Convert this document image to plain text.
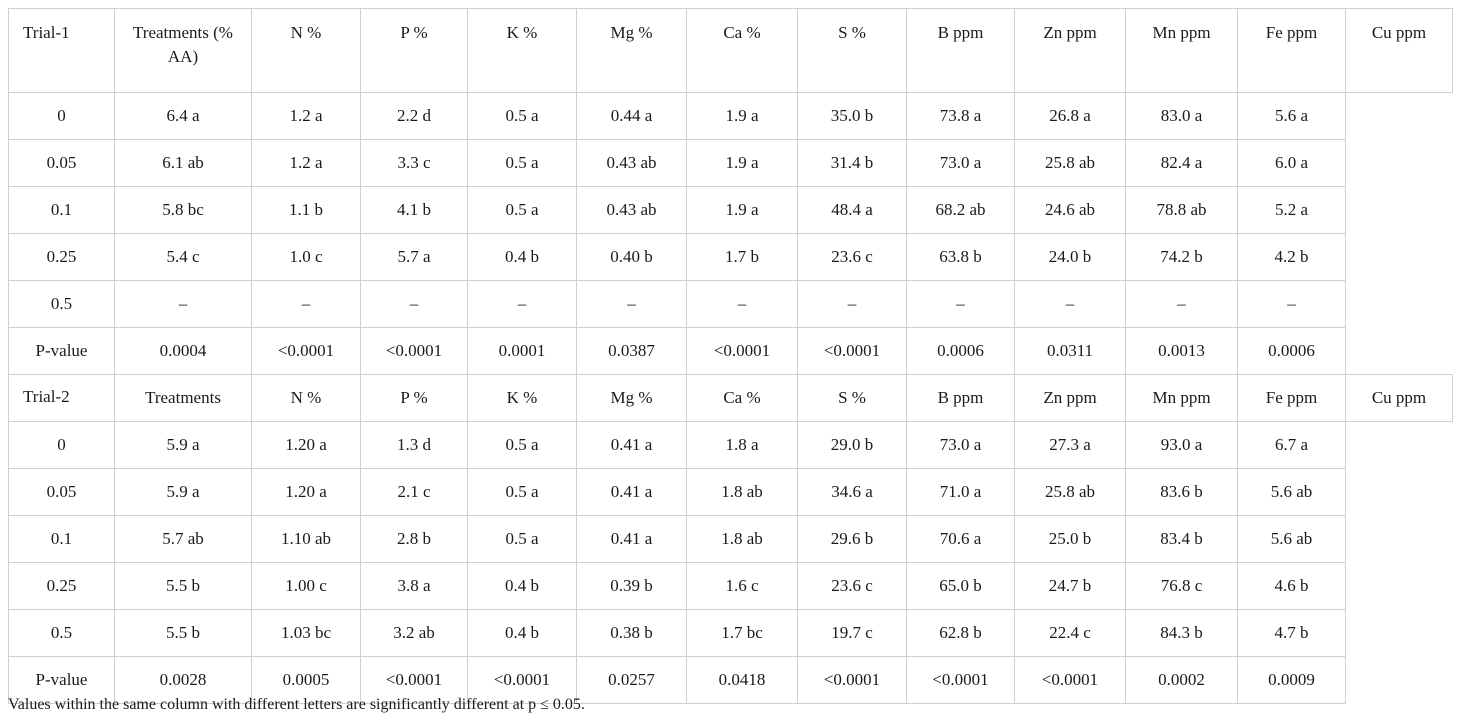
Trial-1	Treatments (% AA)	N %	P %	K %	Mg %	Ca %	S %	B ppm	Zn ppm	Mn ppm	Fe ppm	Cu ppm
0	6.4 a	1.2 a	2.2 d	0.5 a	0.44 a	1.9 a	35.0 b	73.8 a	26.8 a	83.0 a	5.6 a	
0.05	6.1 ab	1.2 a	3.3 c	0.5 a	0.43 ab	1.9 a	31.4 b	73.0 a	25.8 ab	82.4 a	6.0 a	
0.1	5.8 bc	1.1 b	4.1 b	0.5 a	0.43 ab	1.9 a	48.4 a	68.2 ab	24.6 ab	78.8 ab	5.2 a	
0.25	5.4 c	1.0 c	5.7 a	0.4 b	0.40 b	1.7 b	23.6 c	63.8 b	24.0 b	74.2 b	4.2 b	
0.5	–	–	–	–	–	–	–	–	–	–	–	
P-value	0.0004	<0.0001	<0.0001	0.0001	0.0387	<0.0001	<0.0001	0.0006	0.0311	0.0013	0.0006	
Trial-2	Treatments	N %	P %	K %	Mg %	Ca %	S %	B ppm	Zn ppm	Mn ppm	Fe ppm	Cu ppm
0	5.9 a	1.20 a	1.3 d	0.5 a	0.41 a	1.8 a	29.0 b	73.0 a	27.3 a	93.0 a	6.7 a	
0.05	5.9 a	1.20 a	2.1 c	0.5 a	0.41 a	1.8 ab	34.6 a	71.0 a	25.8 ab	83.6 b	5.6 ab	
0.1	5.7 ab	1.10 ab	2.8 b	0.5 a	0.41 a	1.8 ab	29.6 b	70.6 a	25.0 b	83.4 b	5.6 ab	
0.25	5.5 b	1.00 c	3.8 a	0.4 b	0.39 b	1.6 c	23.6 c	65.0 b	24.7 b	76.8 c	4.6 b	
0.5	5.5 b	1.03 bc	3.2 ab	0.4 b	0.38 b	1.7 bc	19.7 c	62.8 b	22.4 c	84.3 b	4.7 b	
P-value	0.0028	0.0005	<0.0001	<0.0001	0.0257	0.0418	<0.0001	<0.0001	<0.0001	0.0002	0.0009	
Values within the same column with different letters are significantly different at p ≤ 0.05.
